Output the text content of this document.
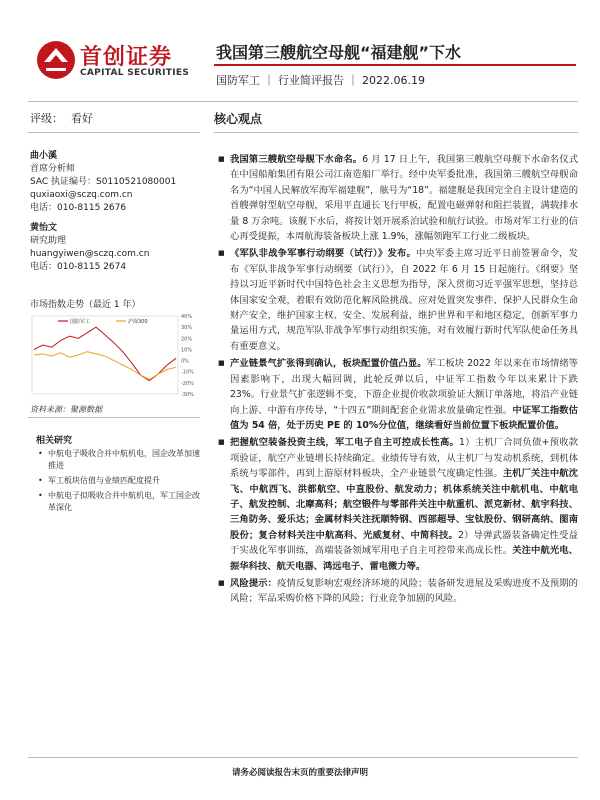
首创证券
CAPITAL SECURITIES
我国第三艘航空母舰“福建舰”下水
国防军工 ｜ 行业简评报告 ｜ 2022.06.19
评级： 看好	核心观点
曲小溪
首席分析师
SAC 执证编号：S0110521080001
quxiaoxi@sczq.com.cn
电话：010-8115 2676
黄怡文
研究助理
huangyiwen@sczq.com.cn
电话：010-8115 2674
市场指数走势（最近 1 年）
40%
30%
20%
10%
0%
-10%
-20%
-30%
国防军工	沪深300
资料来源：聚源数据
相关研究
• 中航电子吸收合并中航机电，国企改革加速推进
• 军工板块估值与业绩匹配度提升
• 中航电子拟吸收合并中航机电，军工国企改革深化
■ 我国第三艘航空母舰下水命名。6 月 17 日上午，我国第三艘航空母舰下水命名仪式在中国船舶集团有限公司江南造船厂举行。经中央军委批准，我国第三艘航空母舰命名为“中国人民解放军海军福建舰”，舷号为“18”。福建舰是我国完全自主设计建造的首艘弹射型航空母舰，采用平直通长飞行甲板，配置电磁弹射和阻拦装置，满载排水量 8 万余吨。该舰下水后，将按计划开展系泊试验和航行试验。市场对军工行业的信心再受提振，本周航海装备板块上涨 1.9%，涨幅领跑军工行业二级板块。
■ 《军队非战争军事行动纲要（试行）》发布。中央军委主席习近平日前签署命令，发布《军队非战争军事行动纲要（试行）》，自 2022 年 6 月 15 日起施行。《纲要》坚持以习近平新时代中国特色社会主义思想为指导，深入贯彻习近平强军思想，坚持总体国家安全观，着眼有效防范化解风险挑战、应对处置突发事件、保护人民群众生命财产安全，维护国家主权、安全、发展利益，维护世界和平和地区稳定，创新军事力量运用方式，规范军队非战争军事行动组织实施，对有效履行新时代军队使命任务具有重要意义。
■ 产业链景气扩张得到确认，板块配置价值凸显。军工板块 2022 年以来在市场情绪等因素影响下，出现大幅回调，此轮反弹以后，中证军工指数今年以来累计下跌 23%。行业景气扩张逻辑不变，下游企业提价收款项验证大额订单落地，将沿产业链向上游、中游有序传导，“十四五”期间配套企业需求放量确定性强。中证军工指数估值为 54 倍，处于历史 PE 的 10%分位值，继续看好当前位置下板块配置价值。
■ 把握航空装备投资主线，军工电子自主可控成长性高。1）主机厂合同负债+预收款项验证，航空产业链增长持续确定。业绩传导有效，从主机厂与发动机系统，到机体系统与零部件，再到上游原材料板块，全产业链景气度确定性强。主机厂关注中航沈飞、中航西飞、洪都航空、中直股份、航发动力；机体系统关注中航机电、中航电子、航发控制、北摩高科；航空锻件与零部件关注中航重机、派克新材、航宇科技、三角防务、爱乐达；金属材料关注抚顺特钢、西部超导、宝钛股份、钢研高纳、图南股份；复合材料关注中航高科、光威复材、中简科技。2）导弹武器装备确定性受益于实战化军事训练，高端装备领域军用电子自主可控带来高成长性。关注中航光电、振华科技、航天电器、鸿远电子、雷电微力等。
■ 风险提示：疫情反复影响宏观经济环境的风险；装备研发进展及采购进度不及预期的风险；军品采购价格下降的风险；行业竞争加剧的风险。
请务必阅读报告末页的重要法律声明
